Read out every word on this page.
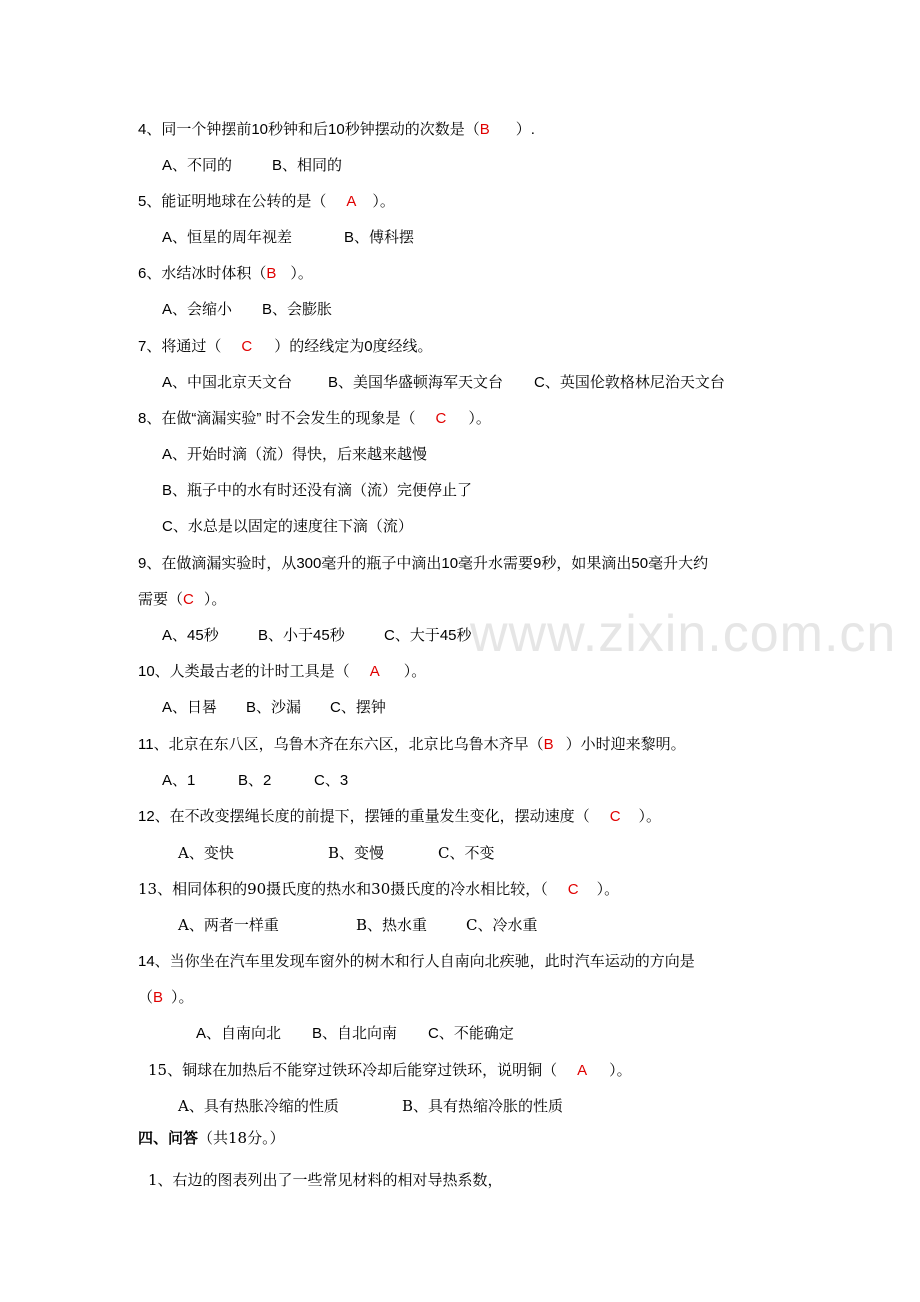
www.zixin.com.cn
4、同一个钟摆前10秒钟和后10秒钟摆动的次数是（B ）.
A、不同的	B、相同的
5、能证明地球在公转的是（ A ）。
A、恒星的周年视差	B、傅科摆
6、水结冰时体积（B ）。
A、会缩小 B、会膨胀
7、将通过（ C ）的经线定为0度经线。
A、中国北京天文台 B、美国华盛顿海军天文台 C、英国伦敦格林尼治天文台
8、在做“滴漏实验” 时不会发生的现象是（ C ）。
A、开始时滴（流）得快，后来越来越慢
B、瓶子中的水有时还没有滴（流）完便停止了
C、水总是以固定的速度往下滴（流）
9、在做滴漏实验时，从300毫升的瓶子中滴出10毫升水需要9秒，如果滴出50毫升大约
需要（C ）。
A、45秒	B、小于45秒	C、大于45秒
10、人类最古老的计时工具是（ A ）。
A、日晷 B、沙漏 C、摆钟
11、北京在东八区，乌鲁木齐在东六区，北京比乌鲁木齐早（B ）小时迎来黎明。
A、1	B、2	C、3
12、在不改变摆绳长度的前提下，摆锤的重量发生变化，摆动速度（ C ）。
A、变快	B、变慢	C、不变
13、相同体积的90摄氏度的热水和30摄氏度的冷水相比较，（ C ）。
A、两者一样重	B、热水重	C、冷水重
14、当你坐在汽车里发现车窗外的树木和行人自南向北疾驰，此时汽车运动的方向是
（B ）。
A、自南向北 B、自北向南 C、不能确定
15、铜球在加热后不能穿过铁环冷却后能穿过铁环，说明铜（ A ）。
A、具有热胀冷缩的性质	B、具有热缩冷胀的性质
四、问答（共18分。）
1、右边的图表列出了一些常见材料的相对导热系数，
